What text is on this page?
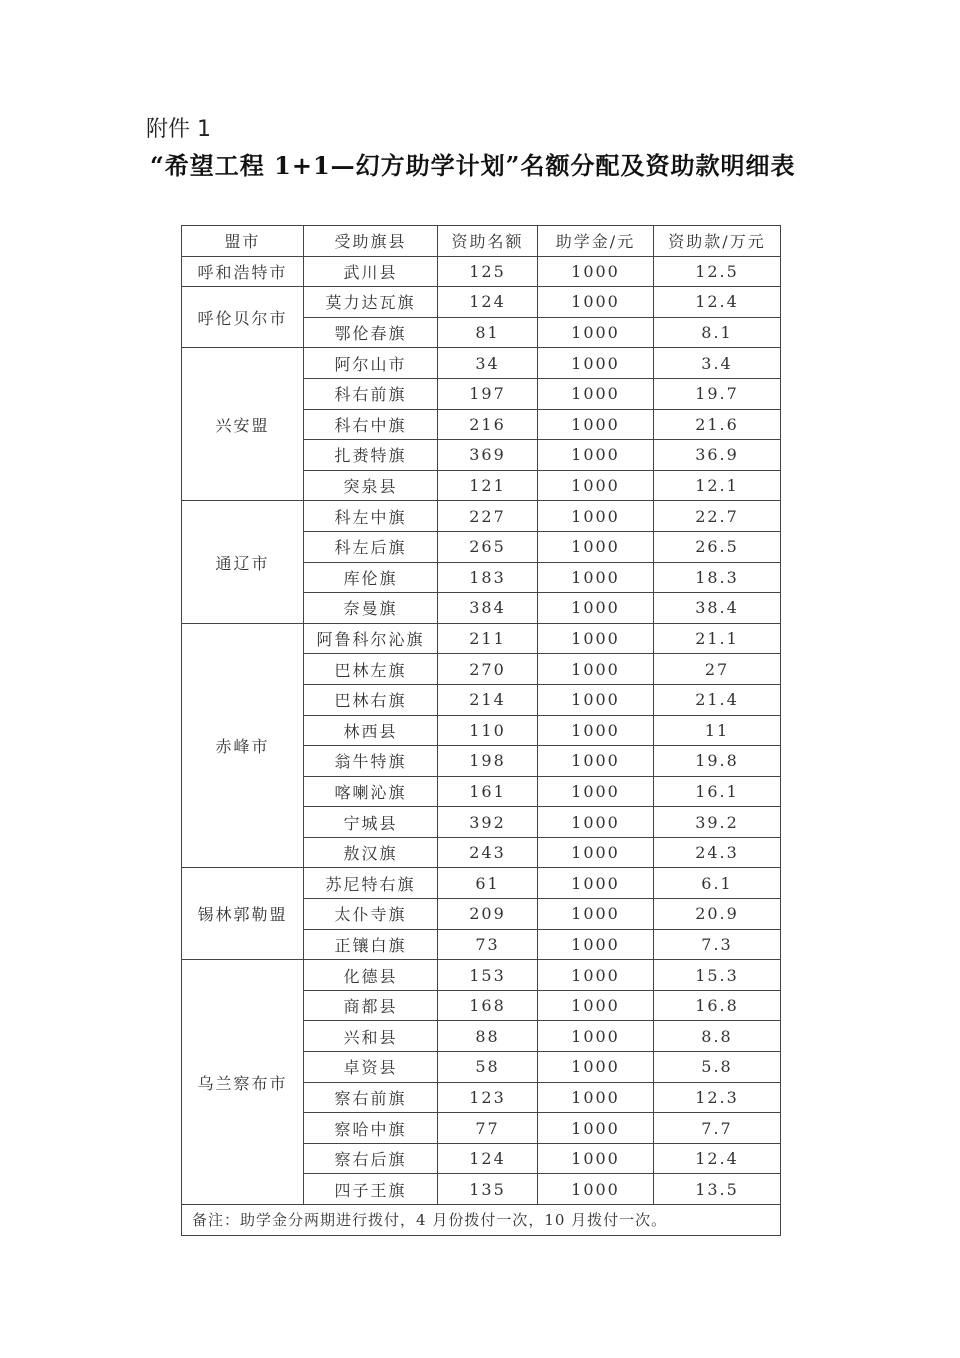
附件 1
“希望工程 1+1—幻方助学计划”名额分配及资助款明细表
盟市	受助旗县	资助名额	助学金/元	资助款/万元
呼和浩特市	武川县	125	1000	12.5
呼伦贝尔市	莫力达瓦旗	124	1000	12.4
	鄂伦春旗	81	1000	8.1
兴安盟	阿尔山市	34	1000	3.4
	科右前旗	197	1000	19.7
	科右中旗	216	1000	21.6
	扎赉特旗	369	1000	36.9
	突泉县	121	1000	12.1
通辽市	科左中旗	227	1000	22.7
	科左后旗	265	1000	26.5
	库伦旗	183	1000	18.3
	奈曼旗	384	1000	38.4
赤峰市	阿鲁科尔沁旗	211	1000	21.1
	巴林左旗	270	1000	27
	巴林右旗	214	1000	21.4
	林西县	110	1000	11
	翁牛特旗	198	1000	19.8
	喀喇沁旗	161	1000	16.1
	宁城县	392	1000	39.2
	敖汉旗	243	1000	24.3
锡林郭勒盟	苏尼特右旗	61	1000	6.1
	太仆寺旗	209	1000	20.9
	正镶白旗	73	1000	7.3
乌兰察布市	化德县	153	1000	15.3
	商都县	168	1000	16.8
	兴和县	88	1000	8.8
	卓资县	58	1000	5.8
	察右前旗	123	1000	12.3
	察哈中旗	77	1000	7.7
	察右后旗	124	1000	12.4
	四子王旗	135	1000	13.5
备注：助学金分两期进行拨付，4 月份拨付一次，10 月拨付一次。				
